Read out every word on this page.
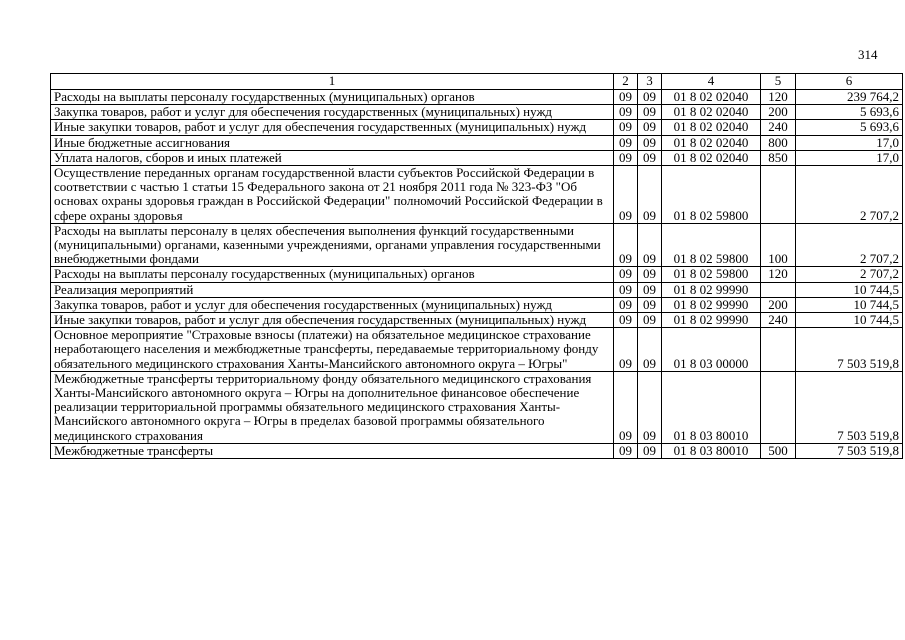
314
1	2	3	4	5	6
Расходы на выплаты персоналу государственных (муниципальных) органов	09	09	01 8 02 02040	120	239 764,2
Закупка товаров, работ и услуг для обеспечения государственных (муниципальных) нужд	09	09	01 8 02 02040	200	5 693,6
Иные закупки товаров, работ и услуг для обеспечения государственных (муниципальных) нужд	09	09	01 8 02 02040	240	5 693,6
Иные бюджетные ассигнования	09	09	01 8 02 02040	800	17,0
Уплата налогов, сборов и иных платежей	09	09	01 8 02 02040	850	17,0
Осуществление переданных органам государственной власти субъектов Российской Федерации в соответствии с частью 1 статьи 15 Федерального закона от 21 ноября 2011 года № 323-ФЗ "Об основах охраны здоровья граждан в Российской Федерации" полномочий Российской Федерации в сфере охраны здоровья	09	09	01 8 02 59800		2 707,2
Расходы на выплаты персоналу в целях обеспечения выполнения функций государственными (муниципальными) органами, казенными учреждениями, органами управления государственными внебюджетными фондами	09	09	01 8 02 59800	100	2 707,2
Расходы на выплаты персоналу государственных (муниципальных) органов	09	09	01 8 02 59800	120	2 707,2
Реализация мероприятий	09	09	01 8 02 99990		10 744,5
Закупка товаров, работ и услуг для обеспечения государственных (муниципальных) нужд	09	09	01 8 02 99990	200	10 744,5
Иные закупки товаров, работ и услуг для обеспечения государственных (муниципальных) нужд	09	09	01 8 02 99990	240	10 744,5
Основное мероприятие "Страховые взносы (платежи) на обязательное медицинское страхование неработающего населения и межбюджетные трансферты, передаваемые территориальному фонду обязательного медицинского страхования Ханты-Мансийского автономного округа – Югры"	09	09	01 8 03 00000		7 503 519,8
Межбюджетные трансферты территориальному фонду обязательного медицинского страхования Ханты-Мансийского автономного округа – Югры на дополнительное финансовое обеспечение реализации территориальной программы обязательного медицинского страхования Ханты-Мансийского автономного округа – Югры в пределах базовой программы обязательного медицинского страхования	09	09	01 8 03 80010		7 503 519,8
Межбюджетные трансферты	09	09	01 8 03 80010	500	7 503 519,8
